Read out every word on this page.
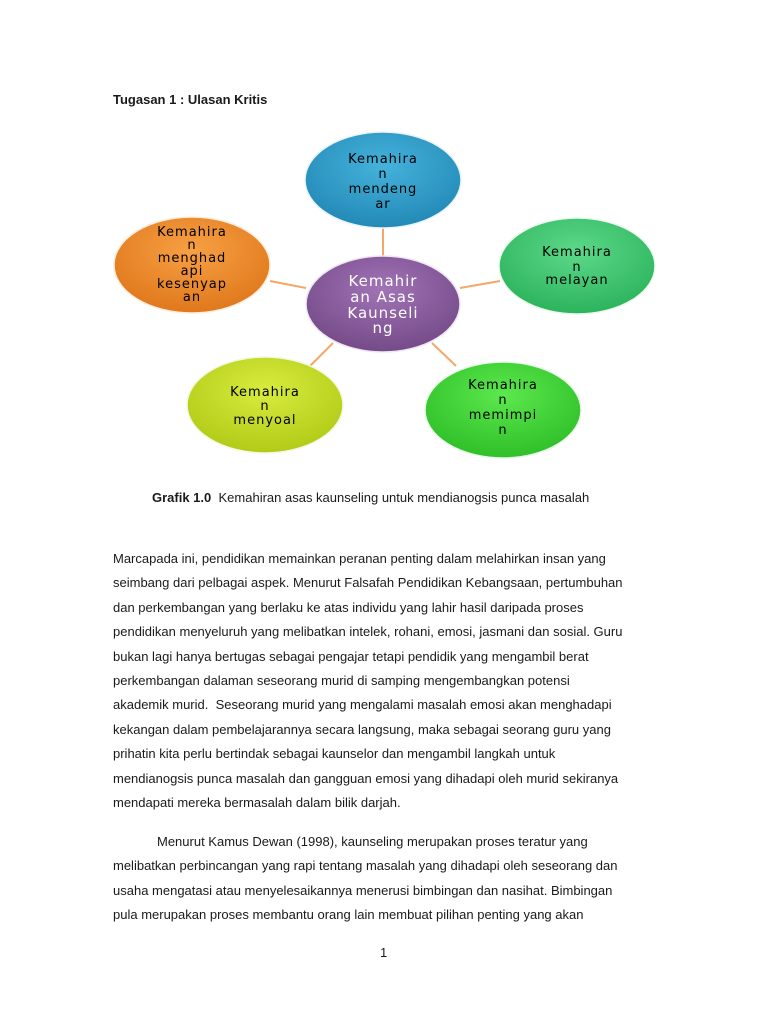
Tugasan 1 : Ulasan Kritis
Kemahira
n
mendeng
ar
Kemahira
n
melayan
Kemahira
n
memimpi
n
Kemahira
n
menyoal
Kemahira
n
menghad
api
kesenyap
an
Kemahir
an Asas
Kaunseli
ng
Grafik 1.0 Kemahiran asas kaunseling untuk mendianogsis punca masalah
Marcapada ini, pendidikan memainkan peranan penting dalam melahirkan insan yang
seimbang dari pelbagai aspek. Menurut Falsafah Pendidikan Kebangsaan, pertumbuhan
dan perkembangan yang berlaku ke atas individu yang lahir hasil daripada proses
pendidikan menyeluruh yang melibatkan intelek, rohani, emosi, jasmani dan sosial. Guru
bukan lagi hanya bertugas sebagai pengajar tetapi pendidik yang mengambil berat
perkembangan dalaman seseorang murid di samping mengembangkan potensi
akademik murid.  Seseorang murid yang mengalami masalah emosi akan menghadapi
kekangan dalam pembelajarannya secara langsung, maka sebagai seorang guru yang
prihatin kita perlu bertindak sebagai kaunselor dan mengambil langkah untuk
mendianogsis punca masalah dan gangguan emosi yang dihadapi oleh murid sekiranya
mendapati mereka bermasalah dalam bilik darjah.
Menurut Kamus Dewan (1998), kaunseling merupakan proses teratur yang
melibatkan perbincangan yang rapi tentang masalah yang dihadapi oleh seseorang dan
usaha mengatasi atau menyelesaikannya menerusi bimbingan dan nasihat. Bimbingan
pula merupakan proses membantu orang lain membuat pilihan penting yang akan
1
